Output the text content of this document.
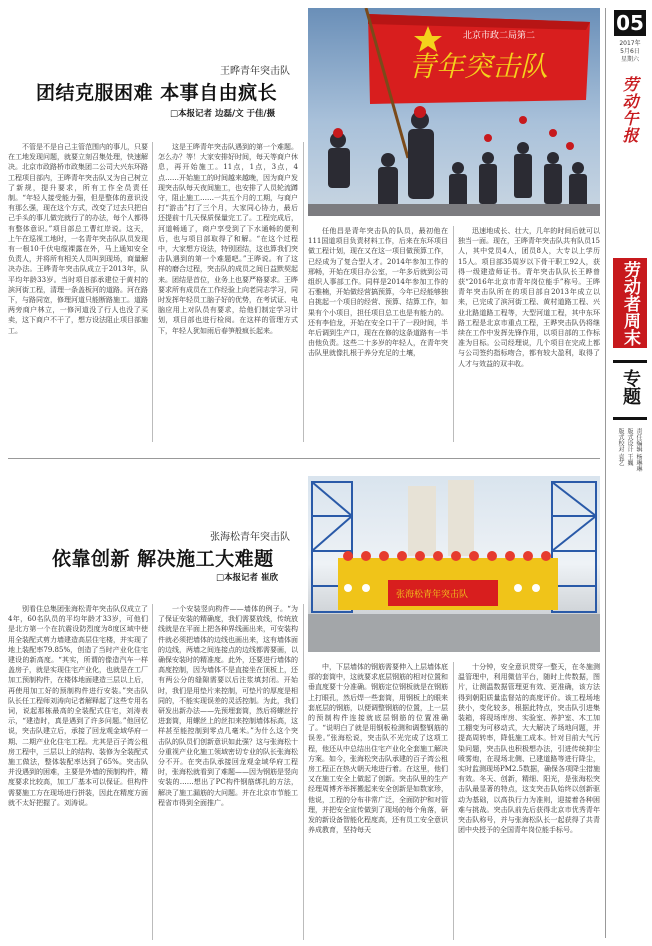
05
2017年
5月6日
星期六
劳动午报
劳动者周末
专题
责任编辑 杨琳琳
版式设计 王巍
版式校对 袁艺
王晔青年突击队
团结克服困难 本事自由疯长
□本报记者 边磊/文 于佳/摄
青年突击队
北京市政二局第二
不管是不是自己主管范围内的事儿，只要在工地发现问题，就要立刻召集处理，快速解决。北京市政路桥市政集团二公司大兴东环路工程项目部内，王晔青年突击队又为自己树立了新规，提升要求，所有工作全员责任制。“年轻人接受能力强，但是整体的意识没有那么强，现在这个方式，改变了过去只把自己手头的事儿做完就行了的办法，每个人都得有整体意识。”项目部总工曹红岸说。这天，上午在巡视工地时，一名青年突击队队员发现有一根10千伏电缆裸露在外，马上通知安全负责人，并将所有相关人员叫到现场，商量解决办法。王晔青年突击队成立于2013年，队平均年龄33岁。当时项目部承建位于黄村的滨河街工程，清理一条盖板河的道路。河在路下，与路同宽，修理河道只能断路施工。道路两旁商户林立，一修河道没了行人也没了买卖，这下商户不干了，想方设法阻止项目部施工。
这是王晔青年突击队遇到的第一个难题。怎么办？等！大家安排好时间，每天等商户休息，再开始施工。11点，1点，3点，4点……开始施工的时间越来越晚，因为商户发现突击队每天夜间施工，也安排了人员轮流蹲守，阻止施工……一共五个月的工期，与商户打“游击”打了三个月，大家同心协力，最后还提前十几天保质保量完工了。工程完成后，河道畅通了，商户享受到了下水通畅的便利后，也与项目部取得了和解。“在这个过程中，大家想方设法，特别团结，这也算我们突击队遇到的第一个难题吧。”王晔说。有了这样的磨合过程，突击队的成员之间日益默契起来。团结是首位，业务上也要严格要求。王晔要求所有成员在工作经验上向老同志学习，同时发挥年轻员工脑子好的优势，在考试证、电脑应用上对队员有要求，给他们制定学习计划，项目部也进行检阅。在这样的管理方式下，年轻人犹如雨后春笋般疯长起来。
任他昌是青年突击队的队员，最初他在111国道项目负责材料工作，后来在东环项目做工程计划，现在又在这一项目做预算工作，已经成为了复合型人才。2014年参加工作的邢畅，开始在项目办公室，一年多后就到公司组织人事部工作。同样是2014年参加工作的石雅楠，开始做经营搞预算，今年已经能够独自挑起一个项目的经营、预算、结算工作，如果有个小项目，担任项目总工也是有能力的。还有李伯龙，开始在安全口干了一段时间，半年后调到生产口，现在在修的这条道路有一半由他负责。这些二十多岁的年轻人，在青年突击队里就像扎根于养分充足的土壤，
迅速地成长、壮大，几年的时间后就可以独当一面。现在，王晔青年突击队共有队员15人，其中党员4人，团员8人，大专以上学历15人。项目部35周岁以下骨干职工92人，获得一级建造师证书。青年突击队队长王晔曾获“2016年北京市青年岗位能手”称号。王晔青年突击队所在的项目部自2013年成立以来，已完成了滨河街工程、黄村道路工程、兴业北路道路工程等，大型河道工程，其中东环路工程是北京市重点工程，王晔突击队仍将继续在工作中发挥先锋作用，以项目部的工作标准为目标。公司经理说，几个项目在完成上都与公司签约指标吻合，都有较大盈利，取得了人才与效益的双丰收。
张海松青年突击队
张海松青年突击队
依靠创新 解决施工大难题
□本报记者 崔欣
别看住总集团张海松青年突击队仅成立了4年，60名队员的平均年龄才33岁，可他们是北方第一个在抗震设防烈度为8度区域中使用全装配式剪力墙建造高层住宅楼，并实现了地上装配率79.85%，创造了当时产业化住宅建设的新高度。“其实，所谓的像造汽车一样盖房子，就是实现住宅产业化，也就是在工厂加工预制构件，在楼体地面建造三层以上后，再使用加工好的预制构件进行安装。”突击队队长任工程师刘涛向记者解释起了这些专用名词，说起那栋最高的全装配式住宅，刘涛表示，“建造时，真是遇到了许多问题。”他回忆说，突击队建立后，承接了回龙观金域华府一期、二期产业化住宅工程。尤其是百子湾公租房工程中，三层以上的结构、装修为全装配式施工做法，整体装配率达到了65%。突击队并没遇到的困难，主要是外墙的预制构件，精度要求比较高，加工厂基本可以保证。但构件需要施工方在现场进行拼装，因此在精度方面就不太好把握了。刘涛说。
一个安装竖向构件——墙体的例子。“为了保证安装的精确度，我们需要放线，传统放线就是在平面上把各种界线画出来，可安装构件就必须把墙体的边线也画出来，这有墙体面的边线，两墙之间连接点的边线都需要画，以确保安装时的精准度。此外，还要进行墙体的高度控制，因为墙体不是直接坐在顶板上，还有两公分的缝隙需要以后注浆填封闭。开始时，我们是用垫片来控制，可垫片的厚度是相同的，不能实现误差的灵活控制。为此，我们研发出新办法——先预埋套筒，然后将螺丝拧进套筒，用螺丝上的丝扣来控制墙体标高，这样甚至能控制到零点几毫米。”为什么这个突击队的队员们创新意识如此强？这与张海松十分重视产业化施工领域密切专业的队长张海松分不开。在突击队承接回龙观金域华府工程时，张海松就看到了难题——因为钢筋是竖向安装的……想出了PC构件钢筋绑扎的方法，解决了施工漏筋的大问题。并在北京市节能工程省市得到全面推广。
中，下层墙体的钢筋需要伸入上层墙体底部的套筒中，这就要求底层钢筋的相对位置和垂直度要十分准确。钢筋定位钢板就是在钢筋上打眼孔，然后焊一些套筒，用钢板上的眼来套底层的钢筋，以便调整钢筋的位置，上一层的预制构件连接就底层钢筋的位置准确了。“说明白了就是用钢板检测和调整钢筋的误差。”张海松说，突击队不光完成了这项工程，他还从中总结出住宅产业化全套施工解决方案。如今，张海松突击队承建的百子湾公租房工程正在热火朝天地进行着。在这里，他们又在施工安全上做起了创新。突击队里的生产经理周博齐举挥搬起来安全创新是如数家珍，他说，工程的分布非常广泛，全面防护和对管理，并把安全宣传做到了现场的每个角落，研发的新设备智能化程度高，还有员工安全意识养成教育，坚持每天
十分钟，安全意识贯穿一整天，在冬施测温管理中，利用微信平台，随时上传数据，图片，让测温数据管理更有效、更准确，该方法得到朝阳质量监督站的高度评价。该工程场地狭小，变化较多，根据此特点，突击队引进集装箱，将现场库房、实验室、养护室、木工加工棚变为可移动式，大大解决了场地问题，并提高周转率，降低施工成本。针对目前大气污染问题，突击队也积极想办法，引进传统抑尘喷雾炮，在现场北侧、已建道路等进行降尘，实时监测现场PM2.5数据，确保各项降尘措施有效。冬天、创新，精细、阳光，是张海松突击队最显著的特点，这支突击队始终以创新驱动为基础，以高执行力为准则，迎接着各种困难与挑战。突击队前先后获得北京市优秀青年突击队称号，并与张海松队长一起获得了共青团中央授予的全国青年岗位能手标号。
